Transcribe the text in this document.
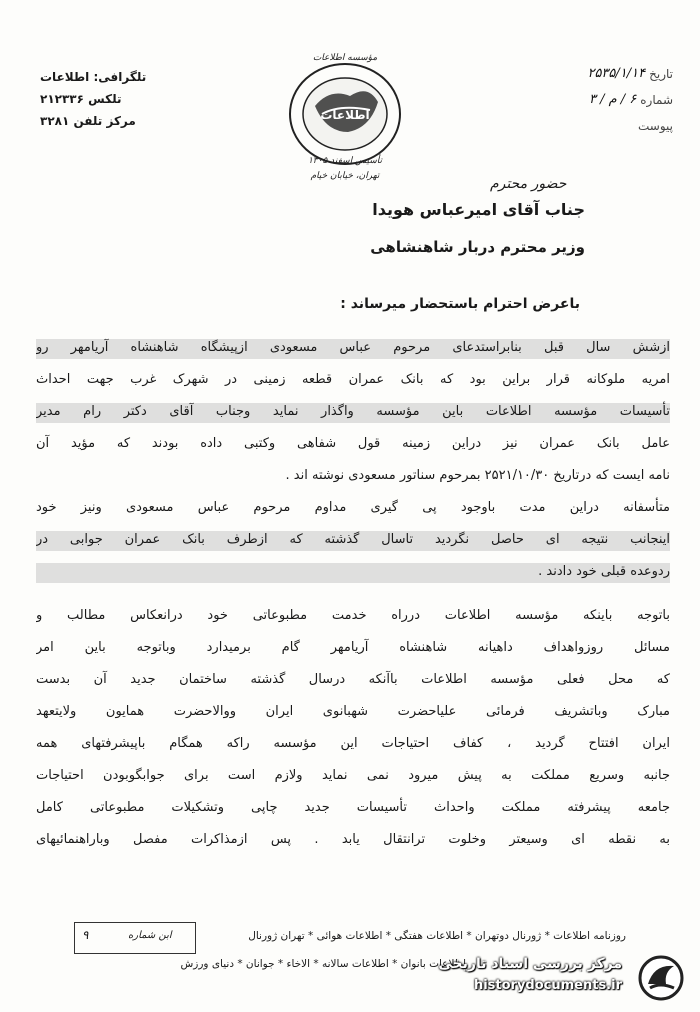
تلگرافی: اطلاعات
تلکس ۲۱۲۳۳۶
مرکز تلفن ۳۲۸۱	اطلاعات
مؤسسه اطلاعات
تأسیس اسفند ۱۳۰۵
تهران، خیابان خیام
تاریخ
۲۵۳۵/۱/۱۴
شماره
۶ / م / ۳
پیوست
حضور محترم
جناب آقای امیرعباس هویدا
وزیر محترم دربار شاهنشاهی
باعرض احترام باستحضار میرساند :
ازشش سال قبل بنابراستدعای مرحوم عباس مسعودی ازپیشگاه شاهنشاه آریامهر رو
امریه ملوکانه قرار براین بود که بانک عمران قطعه زمینی در شهرک غرب جهت احداث
تأسیسات مؤسسه اطلاعات باین مؤسسه واگذار نماید وجناب آقای دکتر رام مدیر
عامل بانک عمران نیز دراین زمینه قول شفاهی وکتبی داده بودند که مؤید آن
نامه ایست که درتاریخ ۲۵۲۱/۱۰/۳۰ بمرحوم سناتور مسعودی نوشته اند .
متأسفانه دراین مدت باوجود پی گیری مداوم مرحوم عباس مسعودی ونیز خود
اینجانب نتیجه ای حاصل نگردید تاسال گذشته که ازطرف بانک عمران جوابی در
ردوعده قبلی خود دادند .
باتوجه باینکه مؤسسه اطلاعات درراه خدمت مطبوعاتی خود درانعکاس مطالب و
مسائل روزواهداف داهیانه شاهنشاه آریامهر گام برمیدارد وباتوجه باین امر
که محل فعلی مؤسسه اطلاعات باآنکه درسال گذشته ساختمان جدید آن بدست
مبارک وباتشریف فرمائی علیاحضرت شهبانوی ایران ووالاحضرت همایون ولایتعهد
ایران افتتاح گردید ، کفاف احتیاجات این مؤسسه راکه همگام باپیشرفتهای همه
جانبه وسریع مملکت به پیش میرود نمی نماید ولازم است برای جوابگوبودن احتیاجات
جامعه پیشرفته مملکت واحداث تأسیسات جدید چاپی وتشکیلات مطبوعاتی کامل
به نقطه ای وسیعتر وخلوت ترانتقال یابد . پس ازمذاکرات مفصل وباراهنمائیهای
۹	ابن شماره	روزنامه اطلاعات * ژورنال دوتهران * اطلاعات هفتگی * اطلاعات هوائی * تهران ژورنال
اطلاعات بانوان * اطلاعات سالانه * الاخاء * جوانان * دنیای ورزش
مرکز بررسی اسناد تاریخی
historydocuments.ir
